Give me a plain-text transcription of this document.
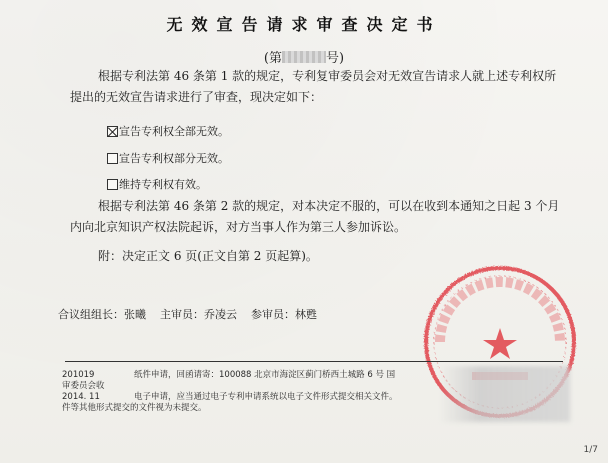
无效宣告请求审查决定书
(第	号)
根据专利法第 46 条第 1 款的规定，专利复审委员会对无效宣告请求人就上述专利权所
提出的无效宣告请求进行了审查，现决定如下：
宣告专利权全部无效。
宣告专利权部分无效。
维持专利权有效。
根据专利法第 46 条第 2 款的规定，对本决定不服的，可以在收到本通知之日起 3 个月
内向北京知识产权法院起诉，对方当事人作为第三人参加诉讼。
附：决定正文 6 页(正文自第 2 页起算)。
合议组组长：张曦    主审员：乔凌云    参审员：林甦
201019	纸件申请，回函请寄：100088 北京市海淀区蓟门桥西土城路 6 号 国
审委员会收
2014. 11	电子申请，应当通过电子专利申请系统以电子文件形式提交相关文件。
件等其他形式提交的文件视为未提交。
1/7
